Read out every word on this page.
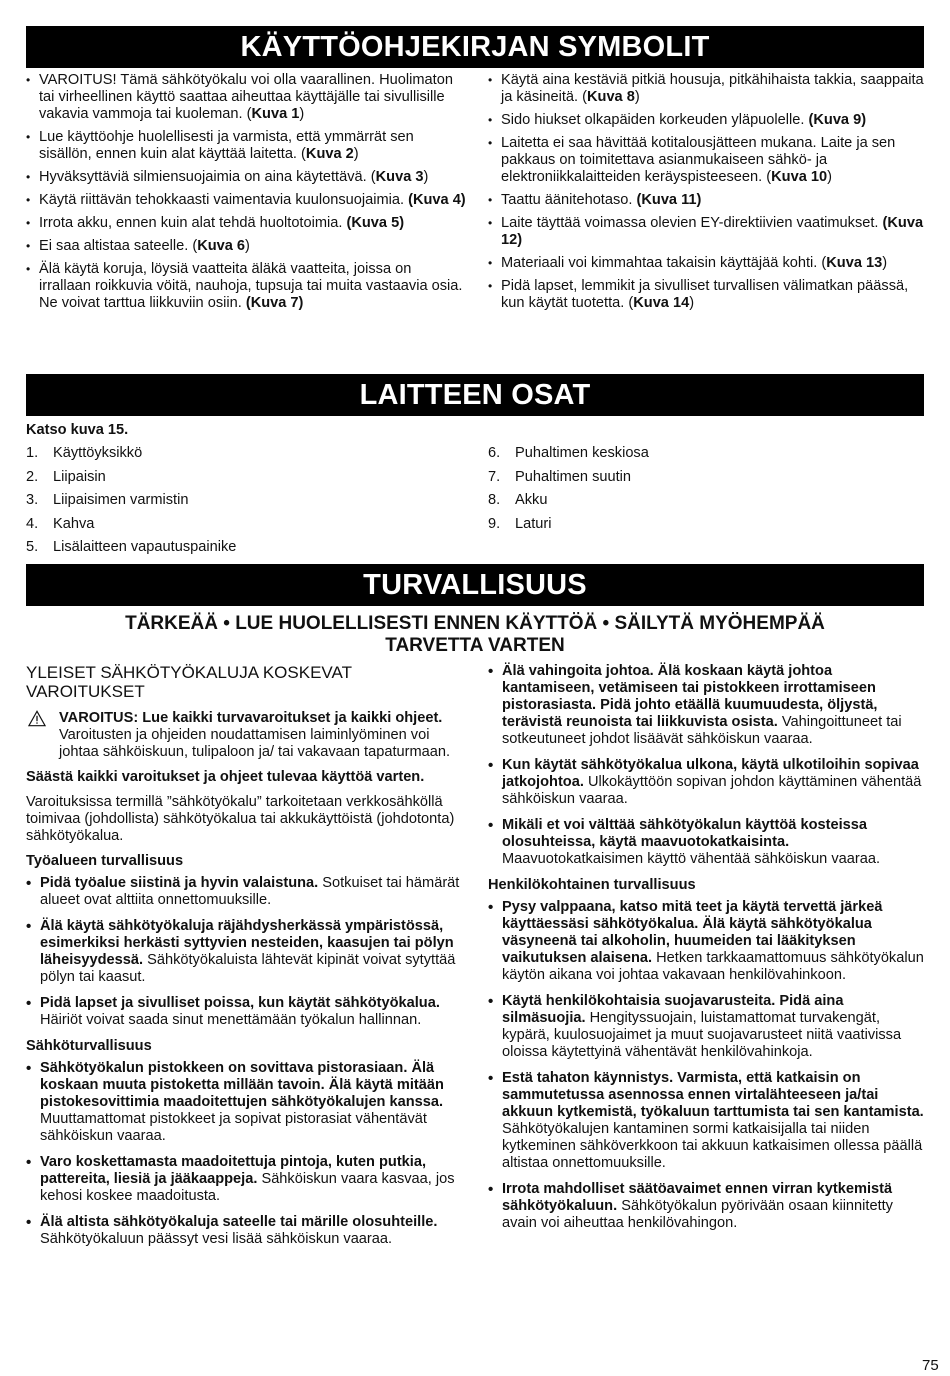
KÄYTTÖOHJEKIRJAN SYMBOLIT
• VAROITUS! Tämä sähkötyökalu voi olla vaarallinen. Huolimaton tai virheellinen käyttö saattaa aiheuttaa käyttäjälle tai sivullisille vakavia vammoja tai kuoleman. (Kuva 1)
• Lue käyttöohje huolellisesti ja varmista, että ymmärrät sen sisällön, ennen kuin alat käyttää laitetta. (Kuva 2)
• Hyväksyttäviä silmiensuojaimia on aina käytettävä. (Kuva 3)
• Käytä riittävän tehokkaasti vaimentavia kuulonsuojaimia. (Kuva 4)
• Irrota akku, ennen kuin alat tehdä huoltotoimia. (Kuva 5)
• Ei saa altistaa sateelle. (Kuva 6)
• Älä käytä koruja, löysiä vaatteita äläkä vaatteita, joissa on irrallaan roikkuvia vöitä, nauhoja, tupsuja tai muita vastaavia osia. Ne voivat tarttua liikkuviin osiin. (Kuva 7)
• Käytä aina kestäviä pitkiä housuja, pitkähihaista takkia, saappaita ja käsineitä. (Kuva 8)
• Sido hiukset olkapäiden korkeuden yläpuolelle. (Kuva 9)
• Laitetta ei saa hävittää kotitalousjätteen mukana. Laite ja sen pakkaus on toimitettava asianmukaiseen sähkö- ja elektroniikkalaitteiden keräyspisteeseen. (Kuva 10)
• Taattu äänitehotaso. (Kuva 11)
• Laite täyttää voimassa olevien EY-direktiivien vaatimukset. (Kuva 12)
• Materiaali voi kimmahtaa takaisin käyttäjää kohti. (Kuva 13)
• Pidä lapset, lemmikit ja sivulliset turvallisen välimatkan päässä, kun käytät tuotetta. (Kuva 14)
LAITTEEN OSAT
Katso kuva 15.
1.	Käyttöyksikkö
2.	Liipaisin
3.	Liipaisimen varmistin
4.	Kahva
5.	Lisälaitteen vapautuspainike
6.	Puhaltimen keskiosa
7.	Puhaltimen suutin
8.	Akku
9.	Laturi
TURVALLISUUS
TÄRKEÄÄ • LUE HUOLELLISESTI ENNEN KÄYTTÖÄ • SÄILYTÄ MYÖHEMPÄÄ
TARVETTA VARTEN
YLEISET SÄHKÖTYÖKALUJA KOSKEVAT VAROITUKSET
VAROITUS: Lue kaikki turvavaroitukset ja kaikki ohjeet. Varoitusten ja ohjeiden noudattamisen laiminlyöminen voi johtaa sähköiskuun, tulipaloon ja/ tai vakavaan tapaturmaan.
Säästä kaikki varoitukset ja ohjeet tulevaa käyttöä varten.
Varoituksissa termillä ”sähkötyökalu” tarkoitetaan verkkosähköllä toimivaa (johdollista) sähkötyökalua tai akkukäyttöistä (johdotonta) sähkötyökalua.
Työalueen turvallisuus
• Pidä työalue siistinä ja hyvin valaistuna. Sotkuiset tai hämärät alueet ovat alttiita onnettomuuksille.
• Älä käytä sähkötyökaluja räjähdysherkässä ympäristössä, esimerkiksi herkästi syttyvien nesteiden, kaasujen tai pölyn läheisyydessä. Sähkötyökaluista lähtevät kipinät voivat sytyttää pölyn tai kaasut.
• Pidä lapset ja sivulliset poissa, kun käytät sähkötyökalua. Häiriöt voivat saada sinut menettämään työkalun hallinnan.
Sähköturvallisuus
• Sähkötyökalun pistokkeen on sovittava pistorasiaan. Älä koskaan muuta pistoketta millään tavoin. Älä käytä mitään pistokesovittimia maadoitettujen sähkötyökalujen kanssa. Muuttamattomat pistokkeet ja sopivat pistorasiat vähentävät sähköiskun vaaraa.
• Varo koskettamasta maadoitettuja pintoja, kuten putkia, pattereita, liesiä ja jääkaappeja. Sähköiskun vaara kasvaa, jos kehosi koskee maadoitusta.
• Älä altista sähkötyökaluja sateelle tai märille olosuhteille. Sähkötyökaluun päässyt vesi lisää sähköiskun vaaraa.
• Älä vahingoita johtoa. Älä koskaan käytä johtoa kantamiseen, vetämiseen tai pistokkeen irrottamiseen pistorasiasta. Pidä johto etäällä kuumuudesta, öljystä, terävistä reunoista tai liikkuvista osista. Vahingoittuneet tai sotkeutuneet johdot lisäävät sähköiskun vaaraa.
• Kun käytät sähkötyökalua ulkona, käytä ulkotiloihin sopivaa jatkojohtoa. Ulkokäyttöön sopivan johdon käyttäminen vähentää sähköiskun vaaraa.
• Mikäli et voi välttää sähkötyökalun käyttöä kosteissa olosuhteissa, käytä maavuotokatkaisinta. Maavuotokatkaisimen käyttö vähentää sähköiskun vaaraa.
Henkilökohtainen turvallisuus
• Pysy valppaana, katso mitä teet ja käytä tervettä järkeä käyttäessäsi sähkötyökalua. Älä käytä sähkötyökalua väsyneenä tai alkoholin, huumeiden tai lääkityksen vaikutuksen alaisena. Hetken tarkkaamattomuus sähkötyökalun käytön aikana voi johtaa vakavaan henkilövahinkoon.
• Käytä henkilökohtaisia suojavarusteita. Pidä aina silmäsuojia. Hengityssuojain, luistamattomat turvakengät, kypärä, kuulosuojaimet ja muut suojavarusteet niitä vaativissa oloissa käytettyinä vähentävät henkilövahinkoja.
• Estä tahaton käynnistys. Varmista, että katkaisin on sammutetussa asennossa ennen virtalähteeseen ja/tai akkuun kytkemistä, työkaluun tarttumista tai sen kantamista. Sähkötyökalujen kantaminen sormi katkaisijalla tai niiden kytkeminen sähköverkkoon tai akkuun katkaisimen ollessa päällä altistaa onnettomuuksille.
• Irrota mahdolliset säätöavaimet ennen virran kytkemistä sähkötyökaluun. Sähkötyökalun pyörivään osaan kiinnitetty avain voi aiheuttaa henkilövahingon.
75
